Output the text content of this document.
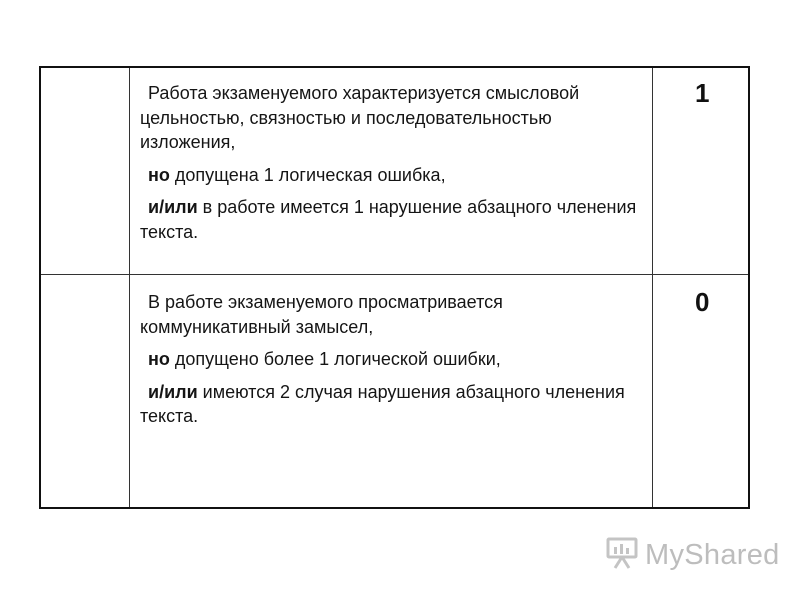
Работа экзаменуемого характеризуется смысловой цельностью, связностью и последовательностью изложения,

но допущена 1 логическая ошибка,

и/или в работе имеется 1 нарушение абзацного членения текста.

1

В работе экзаменуемого просматривается коммуникативный замысел,

но допущено более 1 логической ошибки,

и/или имеются 2 случая нарушения абзацного членения текста.

0
MyShared
